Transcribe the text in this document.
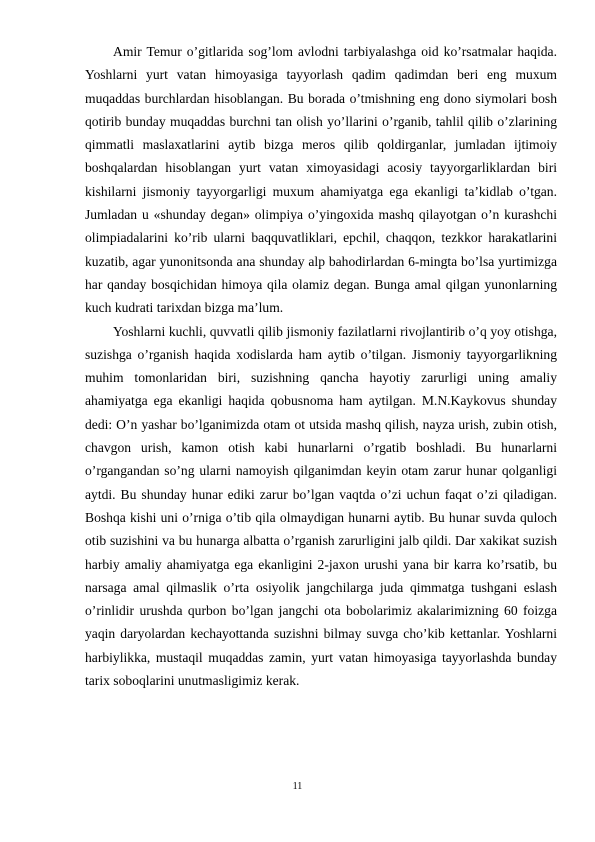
Amir Temur o’gitlarida sog’lom avlodni tarbiyalashga oid ko’rsatmalar haqida. Yoshlarni yurt vatan himoyasiga tayyorlash qadim qadimdan beri eng muxum muqaddas burchlardan hisoblangan. Bu borada o’tmishning eng dono siymolari bosh qotirib bunday muqaddas burchni tan olish yo’llarini o’rganib, tahlil qilib o’zlarining qimmatli maslaxatlarini aytib bizga meros qilib qoldirganlar, jumladan ijtimoiy boshqalardan hisoblangan yurt vatan ximoyasidagi acosiy tayyorgarliklardan biri kishilarni jismoniy tayyorgarligi muxum ahamiyatga ega ekanligi ta’kidlab o’tgan. Jumladan u «shunday degan» olimpiya o’yingoxida mashq qilayotgan o’n kurashchi olimpiadalarini ko’rib ularni baqquvatliklari, epchil, chaqqon, tezkkor harakatlarini kuzatib, agar yunonitsonda ana shunday alp bahodirlardan 6-mingta bo’lsa yurtimizga har qanday bosqichidan himoya qila olamiz degan. Bunga amal qilgan yunonlarning kuch kudrati tarixdan bizga ma’lum.

Yoshlarni kuchli, quvvatli qilib jismoniy fazilatlarni rivojlantirib o’q yoy otishga, suzishga o’rganish haqida xodislarda ham aytib o’tilgan. Jismoniy tayyorgarlikning muhim tomonlaridan biri, suzishning qancha hayotiy zarurligi uning amaliy ahamiyatga ega ekanligi haqida qobusnoma ham aytilgan. M.N.Kaykovus shunday dedi: O’n yashar bo’lganimizda otam ot utsida mashq qilish, nayza urish, zubin otish, chavgon urish, kamon otish kabi hunarlarni o’rgatib boshladi. Bu hunarlarni o’rgangandan so’ng ularni namoyish qilganimdan keyin otam zarur hunar qolganligi aytdi. Bu shunday hunar ediki zarur bo’lgan vaqtda o’zi uchun faqat o’zi qiladigan. Boshqa kishi uni o’rniga o’tib qila olmaydigan hunarni aytib. Bu hunar suvda quloch otib suzishini va bu hunarga albatta o’rganish zarurligini jalb qildi. Dar xakikat suzish harbiy amaliy ahamiyatga ega ekanligini 2-jaxon urushi yana bir karra ko’rsatib, bu narsaga amal qilmaslik o’rta osiyolik jangchilarga juda qimmatga tushgani eslash o’rinlidir urushda qurbon bo’lgan jangchi ota bobolarimiz akalarimizning 60 foizga yaqin daryolardan kechayottanda suzishni bilmay suvga cho’kib kettanlar. Yoshlarni harbiylikka, mustaqil muqaddas zamin, yurt vatan himoyasiga tayyorlashda bunday tarix soboqlarini unutmasligimiz kerak.

11
